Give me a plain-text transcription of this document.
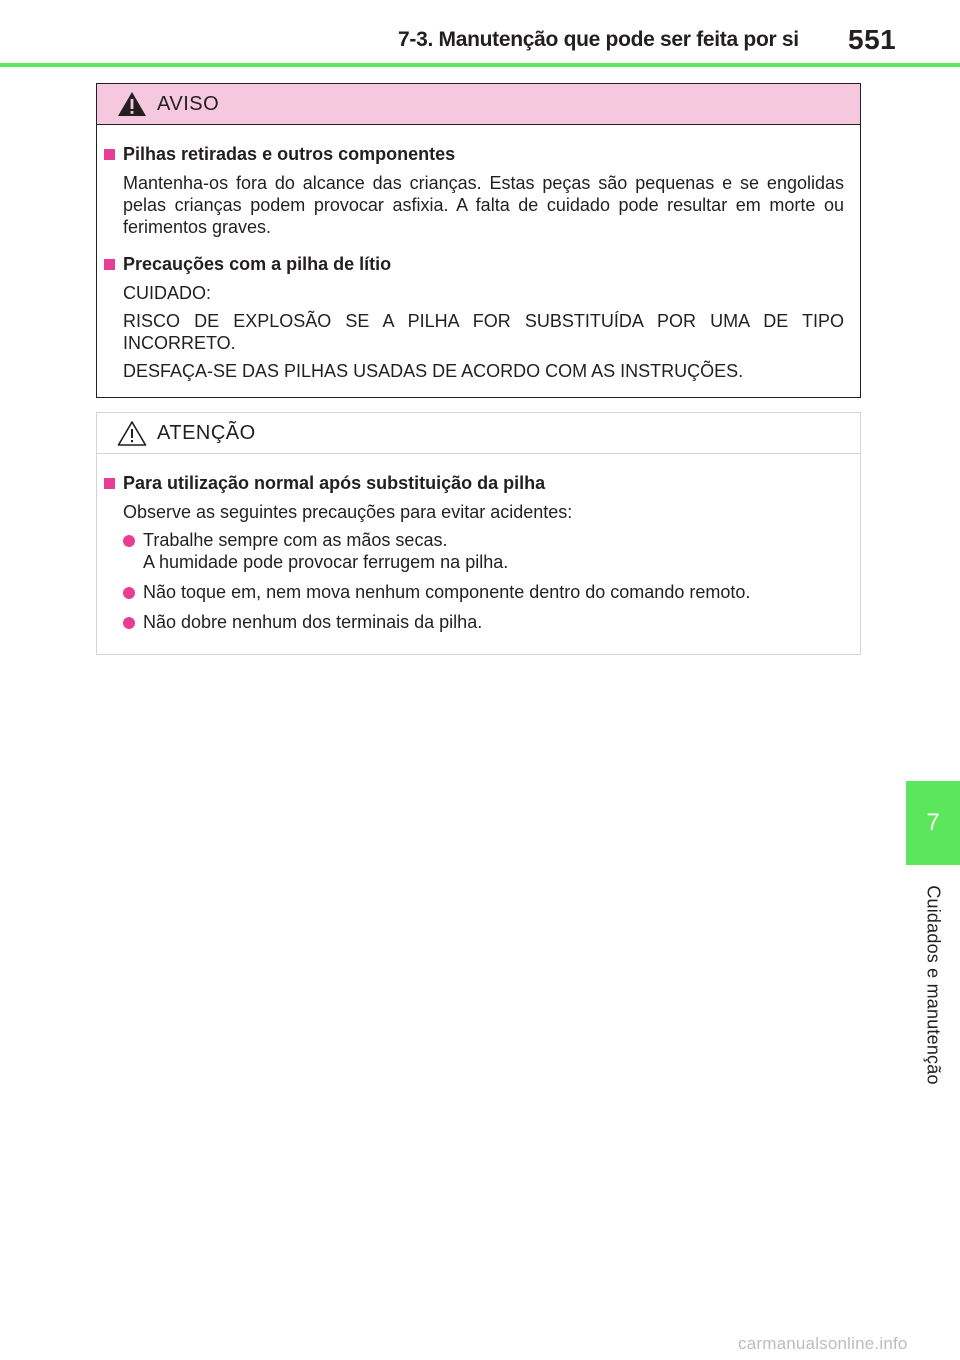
7-3. Manutenção que pode ser feita por si 551
AVISO
Pilhas retiradas e outros componentes
Mantenha-os fora do alcance das crianças. Estas peças são pequenas e se engolidas pelas crianças podem provocar asfixia. A falta de cuidado pode resultar em morte ou ferimentos graves.
Precauções com a pilha de lítio
CUIDADO:
RISCO DE EXPLOSÃO SE A PILHA FOR SUBSTITUÍDA POR UMA DE TIPO INCORRETO.
DESFAÇA-SE DAS PILHAS USADAS DE ACORDO COM AS INSTRUÇÕES.
ATENÇÃO
Para utilização normal após substituição da pilha
Observe as seguintes precauções para evitar acidentes:
Trabalhe sempre com as mãos secas.
A humidade pode provocar ferrugem na pilha.
Não toque em, nem mova nenhum componente dentro do comando remoto.
Não dobre nenhum dos terminais da pilha.
7
Cuidados e manutenção
carmanualsonline.info
